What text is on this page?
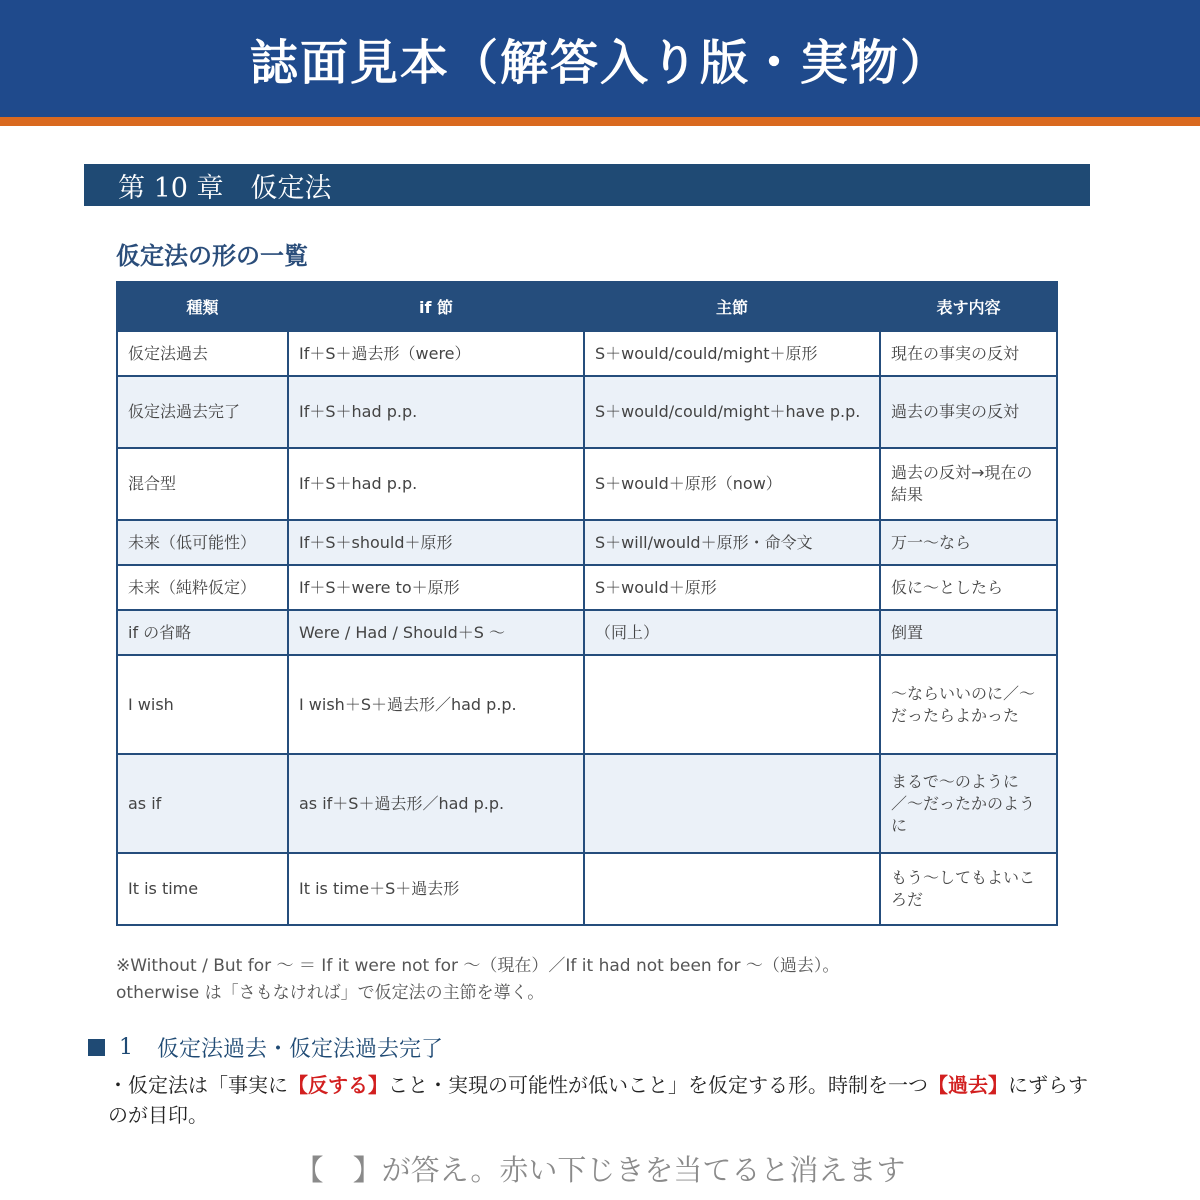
誌面見本（解答入り版・実物）
第 10 章　仮定法
仮定法の形の一覧
種類	if 節	主節	表す内容
仮定法過去	If＋S＋過去形（were）	S＋would/could/might＋原形	現在の事実の反対
仮定法過去完了	If＋S＋had p.p.	S＋would/could/might＋have p.p.	過去の事実の反対
混合型	If＋S＋had p.p.	S＋would＋原形（now）	過去の反対→現在の結果
未来（低可能性）	If＋S＋should＋原形	S＋will/would＋原形・命令文	万一〜なら
未来（純粋仮定）	If＋S＋were to＋原形	S＋would＋原形	仮に〜としたら
if の省略	Were / Had / Should＋S 〜	（同上）	倒置
I wish	I wish＋S＋過去形／had p.p.		〜ならいいのに／〜だったらよかった
as if	as if＋S＋過去形／had p.p.		まるで〜のように／〜だったかのように
It is time	It is time＋S＋過去形		もう〜してもよいころだ
※Without / But for 〜 ＝ If it were not for 〜（現在）／If it had not been for 〜（過去）。
otherwise は「さもなければ」で仮定法の主節を導く。
1 仮定法過去・仮定法過去完了
・仮定法は「事実に【反する】こと・実現の可能性が低いこと」を仮定する形。時制を一つ【過去】にずらすのが目印。
【　】が答え。赤い下じきを当てると消えます
